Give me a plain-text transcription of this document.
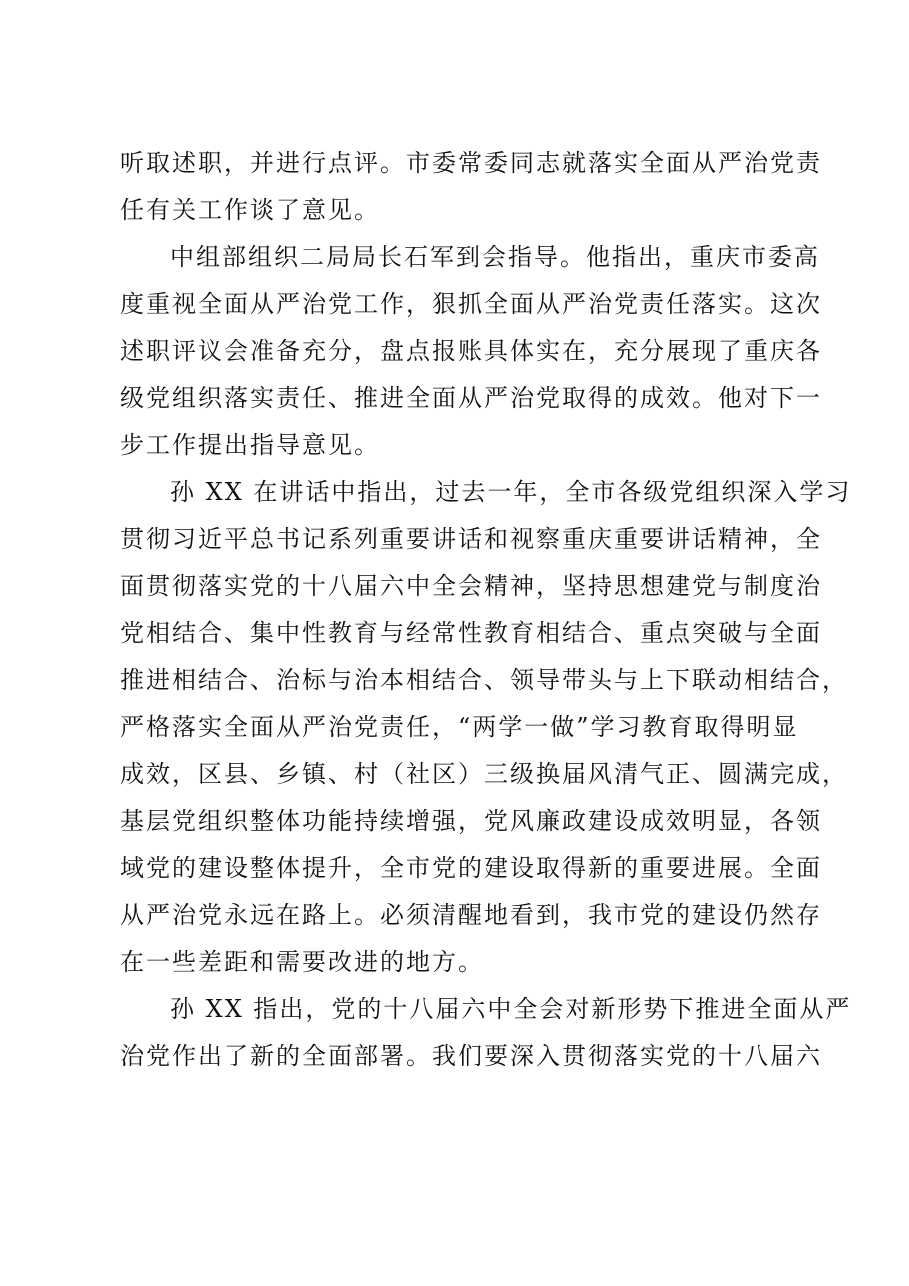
听取述职，并进行点评。市委常委同志就落实全面从严治党责
任有关工作谈了意见。

中组部组织二局局长石军到会指导。他指出，重庆市委高
度重视全面从严治党工作，狠抓全面从严治党责任落实。这次
述职评议会准备充分，盘点报账具体实在，充分展现了重庆各
级党组织落实责任、推进全面从严治党取得的成效。他对下一
步工作提出指导意见。

孙 XX 在讲话中指出，过去一年，全市各级党组织深入学习
贯彻习近平总书记系列重要讲话和视察重庆重要讲话精神，全
面贯彻落实党的十八届六中全会精神，坚持思想建党与制度治
党相结合、集中性教育与经常性教育相结合、重点突破与全面
推进相结合、治标与治本相结合、领导带头与上下联动相结合，
严格落实全面从严治党责任，“两学一做”学习教育取得明显
成效，区县、乡镇、村（社区）三级换届风清气正、圆满完成，
基层党组织整体功能持续增强，党风廉政建设成效明显，各领
域党的建设整体提升，全市党的建设取得新的重要进展。全面
从严治党永远在路上。必须清醒地看到，我市党的建设仍然存
在一些差距和需要改进的地方。

孙 XX 指出，党的十八届六中全会对新形势下推进全面从严
治党作出了新的全面部署。我们要深入贯彻落实党的十八届六
